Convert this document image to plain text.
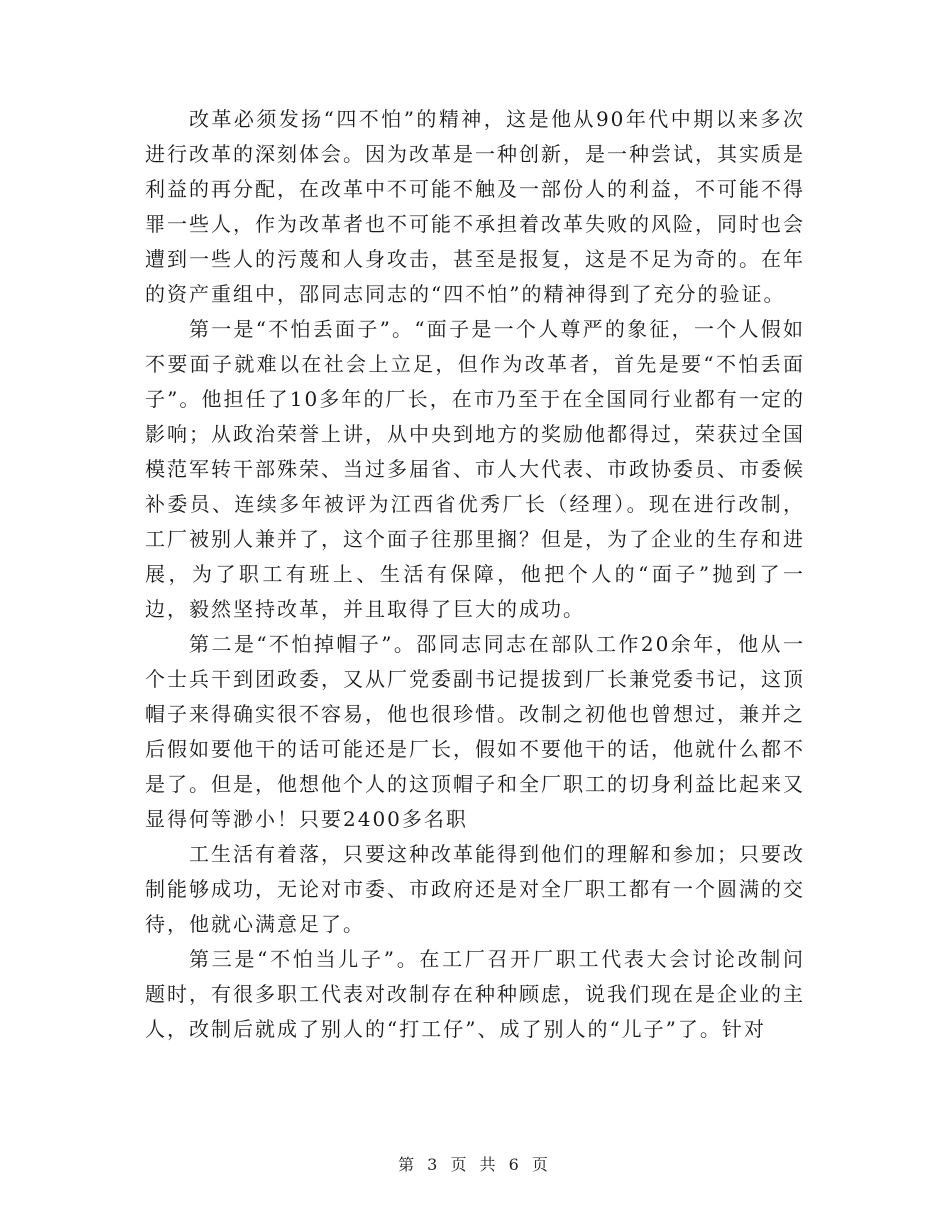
改革必须发扬“四不怕”的精神，这是他从90年代中期以来多次进行改革的深刻体会。因为改革是一种创新，是一种尝试，其实质是利益的再分配，在改革中不可能不触及一部份人的利益，不可能不得罪一些人，作为改革者也不可能不承担着改革失败的风险，同时也会遭到一些人的污蔑和人身攻击，甚至是报复，这是不足为奇的。在年的资产重组中，邵同志同志的“四不怕”的精神得到了充分的验证。

第一是“不怕丢面子”。“面子是一个人尊严的象征，一个人假如不要面子就难以在社会上立足，但作为改革者，首先是要“不怕丢面子”。他担任了10多年的厂长，在市乃至于在全国同行业都有一定的影响；从政治荣誉上讲，从中央到地方的奖励他都得过，荣获过全国模范军转干部殊荣、当过多届省、市人大代表、市政协委员、市委候补委员、连续多年被评为江西省优秀厂长（经理）。现在进行改制，工厂被别人兼并了，这个面子往那里搁？但是，为了企业的生存和进展，为了职工有班上、生活有保障，他把个人的“面子”抛到了一边，毅然坚持改革，并且取得了巨大的成功。

第二是“不怕掉帽子”。邵同志同志在部队工作20余年，他从一个士兵干到团政委，又从厂党委副书记提拔到厂长兼党委书记，这顶帽子来得确实很不容易，他也很珍惜。改制之初他也曾想过，兼并之后假如要他干的话可能还是厂长，假如不要他干的话，他就什么都不是了。但是，他想他个人的这顶帽子和全厂职工的切身利益比起来又显得何等渺小！只要2400多名职

工生活有着落，只要这种改革能得到他们的理解和参加；只要改制能够成功，无论对市委、市政府还是对全厂职工都有一个圆满的交待，他就心满意足了。

第三是“不怕当儿子”。在工厂召开厂职工代表大会讨论改制问题时，有很多职工代表对改制存在种种顾虑，说我们现在是企业的主人，改制后就成了别人的“打工仔”、成了别人的“儿子”了。针对

第 3 页 共 6 页
